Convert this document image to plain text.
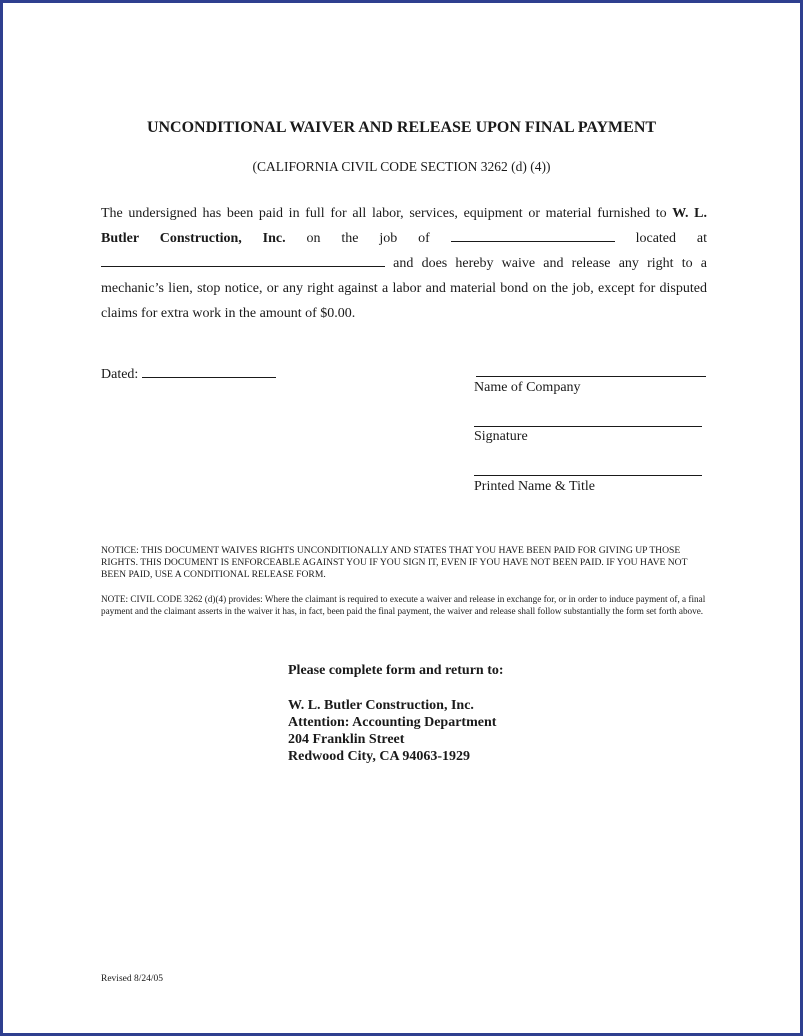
UNCONDITIONAL WAIVER AND RELEASE UPON FINAL PAYMENT
(CALIFORNIA CIVIL CODE SECTION 3262 (d) (4))
The undersigned has been paid in full for all labor, services, equipment or material furnished to W. L. Butler Construction, Inc. on the job of	located at  and does hereby waive and release any right to a mechanic’s lien, stop notice, or any right against a labor and material bond on the job, except for disputed claims for extra work in the amount of $0.00.
Dated:
Name of Company
Signature
Printed Name & Title
NOTICE: THIS DOCUMENT WAIVES RIGHTS UNCONDITIONALLY AND STATES THAT YOU HAVE BEEN PAID FOR GIVING UP THOSE RIGHTS. THIS DOCUMENT IS ENFORCEABLE AGAINST YOU IF YOU SIGN IT, EVEN IF YOU HAVE NOT BEEN PAID. IF YOU HAVE NOT BEEN PAID, USE A CONDITIONAL RELEASE FORM.
NOTE: CIVIL CODE 3262 (d)(4) provides: Where the claimant is required to execute a waiver and release in exchange for, or in order to induce payment of, a final payment and the claimant asserts in the waiver it has, in fact, been paid the final payment, the waiver and release shall follow substantially the form set forth above.
Please complete form and return to:
W. L. Butler Construction, Inc.
Attention: Accounting Department
204 Franklin Street
Redwood City, CA 94063-1929
Revised 8/24/05
